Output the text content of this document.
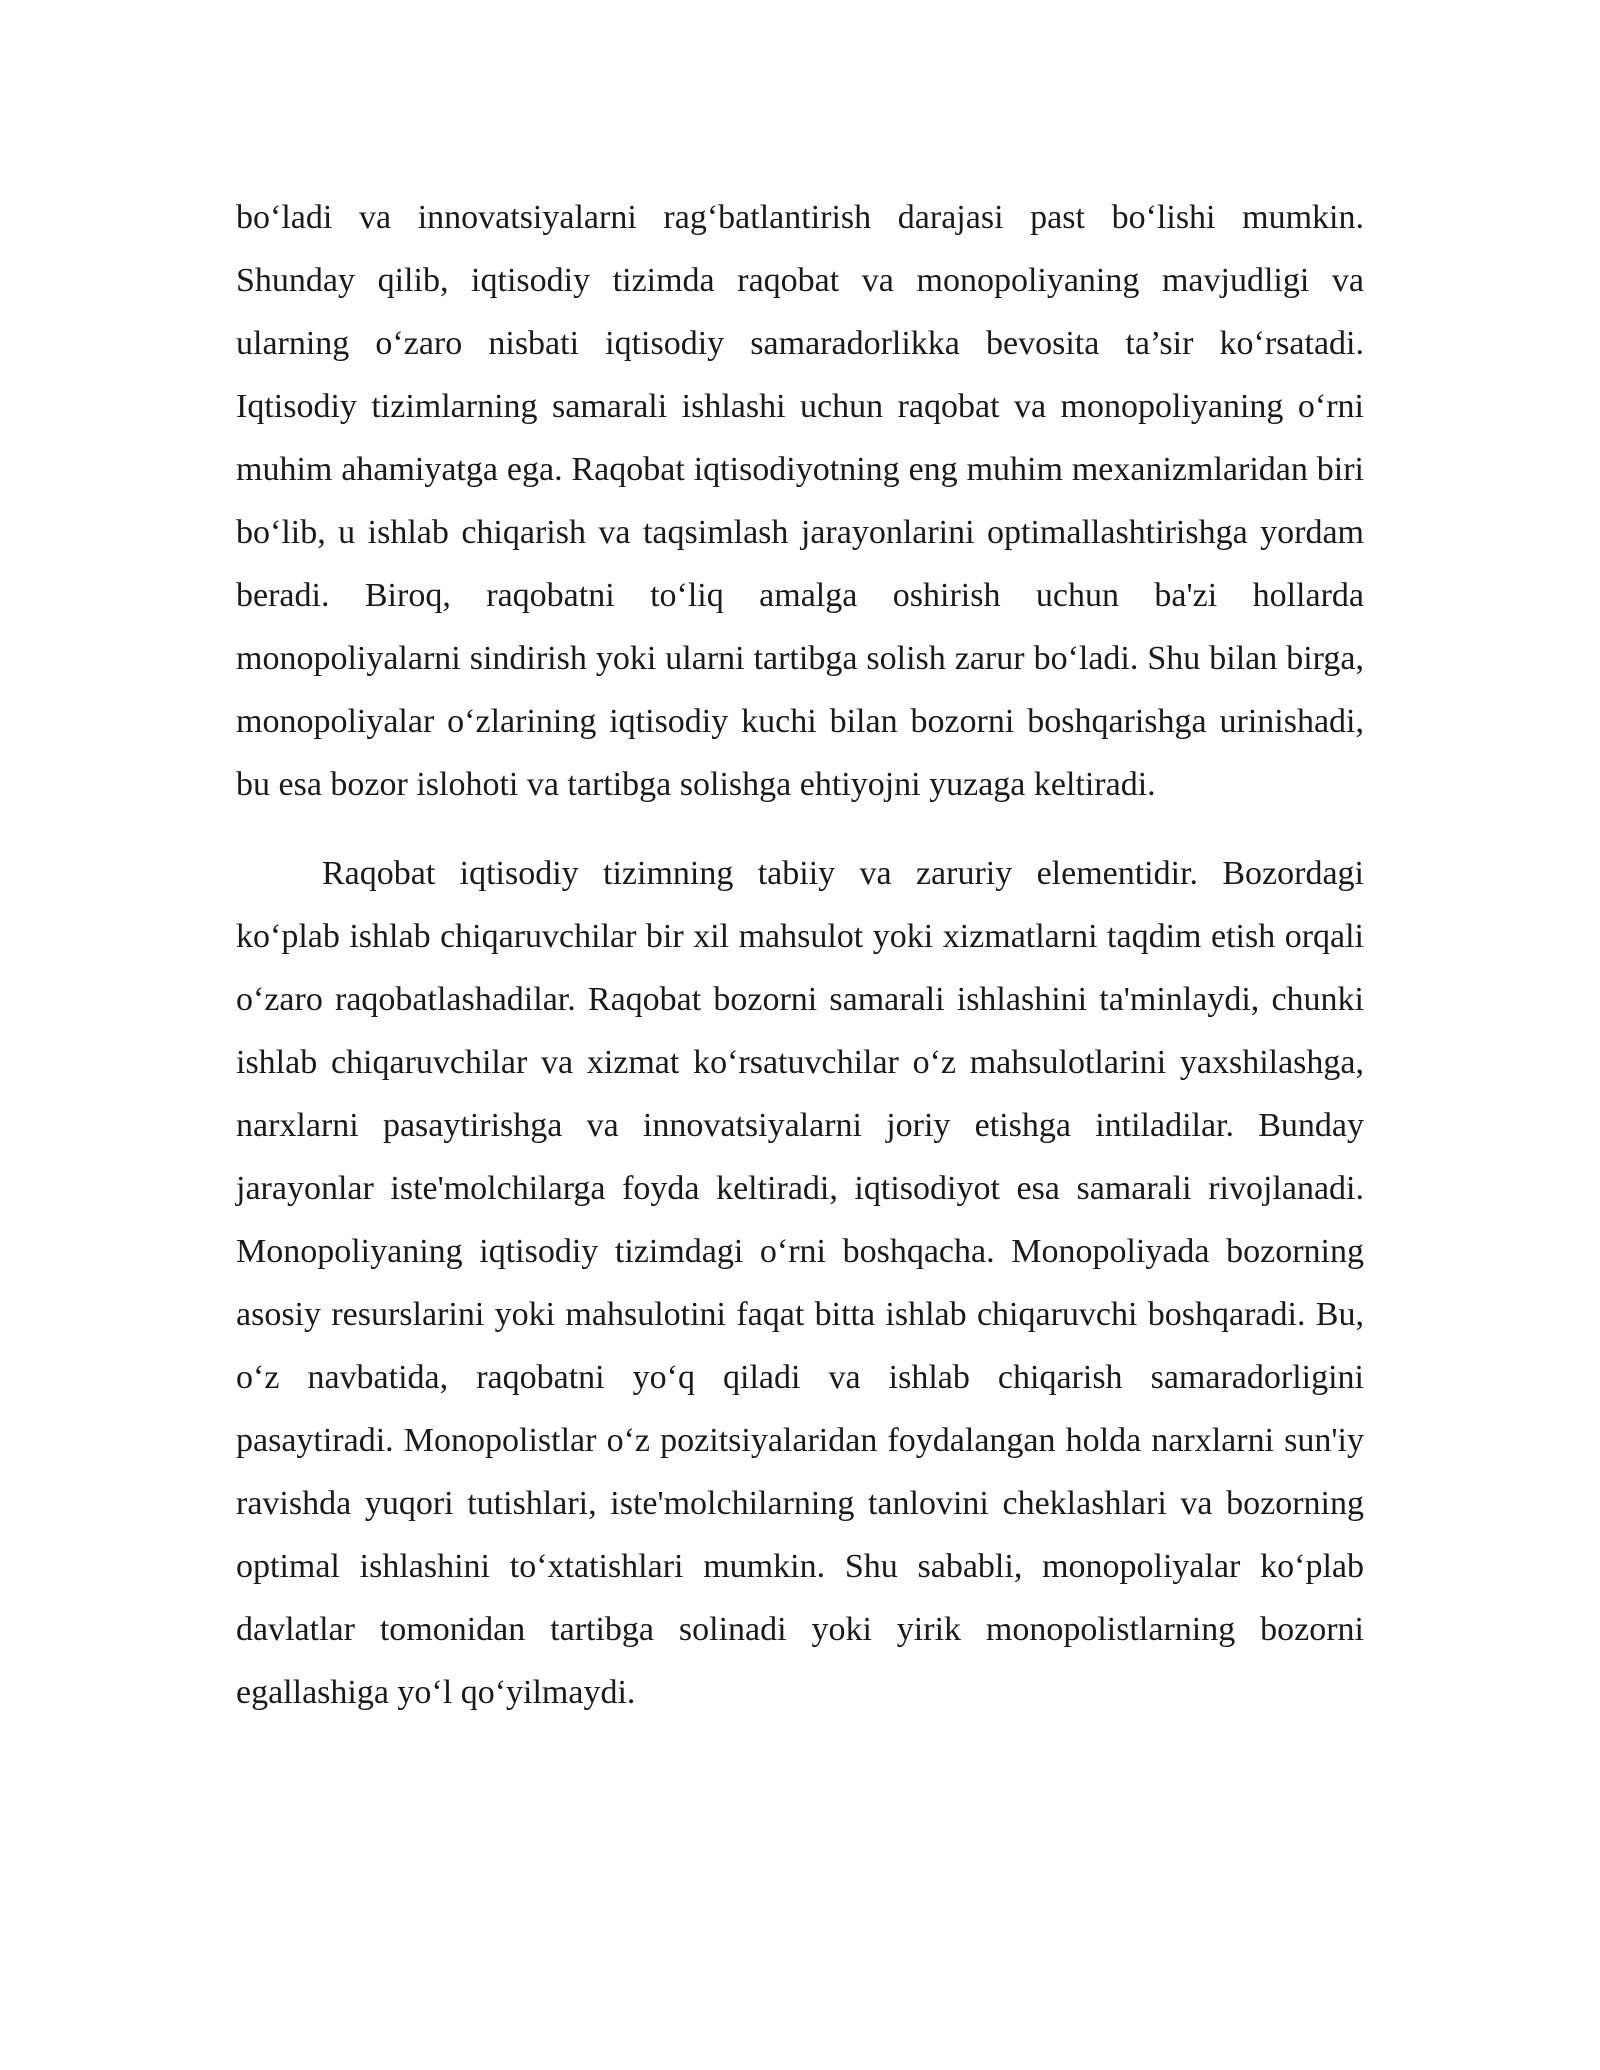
bo‘ladi va innovatsiyalarni rag‘batlantirish darajasi past bo‘lishi mumkin. Shunday qilib, iqtisodiy tizimda raqobat va monopoliyaning mavjudligi va ularning o‘zaro nisbati iqtisodiy samaradorlikka bevosita ta’sir ko‘rsatadi. Iqtisodiy tizimlarning samarali ishlashi uchun raqobat va monopoliyaning o‘rni muhim ahamiyatga ega. Raqobat iqtisodiyotning eng muhim mexanizmlaridan biri bo‘lib, u ishlab chiqarish va taqsimlash jarayonlarini optimallashtirishga yordam beradi. Biroq, raqobatni to‘liq amalga oshirish uchun ba'zi hollarda monopoliyalarni sindirish yoki ularni tartibga solish zarur bo‘ladi. Shu bilan birga, monopoliyalar o‘zlarining iqtisodiy kuchi bilan bozorni boshqarishga urinishadi, bu esa bozor islohoti va tartibga solishga ehtiyojni yuzaga keltiradi.

Raqobat iqtisodiy tizimning tabiiy va zaruriy elementidir. Bozordagi ko‘plab ishlab chiqaruvchilar bir xil mahsulot yoki xizmatlarni taqdim etish orqali o‘zaro raqobatlashadilar. Raqobat bozorni samarali ishlashini ta'minlaydi, chunki ishlab chiqaruvchilar va xizmat ko‘rsatuvchilar o‘z mahsulotlarini yaxshilashga, narxlarni pasaytirishga va innovatsiyalarni joriy etishga intiladilar. Bunday jarayonlar iste'molchilarga foyda keltiradi, iqtisodiyot esa samarali rivojlanadi. Monopoliyaning iqtisodiy tizimdagi o‘rni boshqacha. Monopoliyada bozorning asosiy resurslarini yoki mahsulotini faqat bitta ishlab chiqaruvchi boshqaradi. Bu, o‘z navbatida, raqobatni yo‘q qiladi va ishlab chiqarish samaradorligini pasaytiradi. Monopolistlar o‘z pozitsiyalaridan foydalangan holda narxlarni sun'iy ravishda yuqori tutishlari, iste'molchilarning tanlovini cheklashlari va bozorning optimal ishlashini to‘xtatishlari mumkin. Shu sababli, monopoliyalar ko‘plab davlatlar tomonidan tartibga solinadi yoki yirik monopolistlarning bozorni egallashiga yo‘l qo‘yilmaydi.
